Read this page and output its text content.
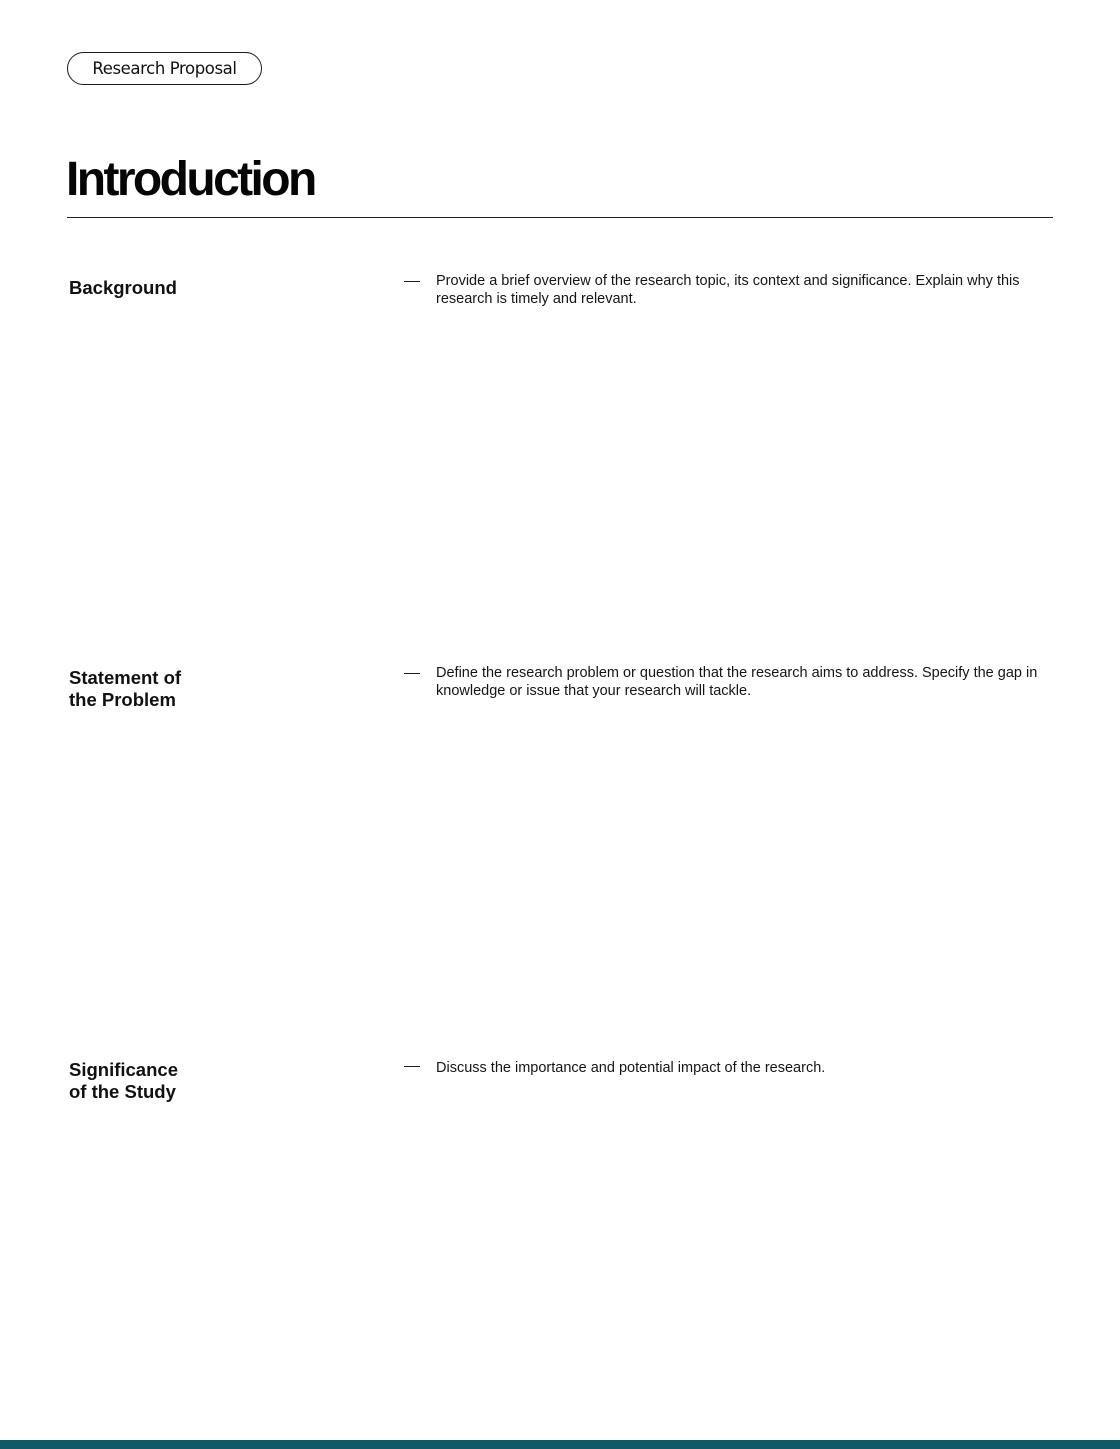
Research Proposal
Introduction
Background	Provide a brief overview of the research topic, its context and significance. Explain why this research is timely and relevant.

Statement of
the Problem

Define the research problem or question that the research aims to address. Specify the gap in knowledge or issue that your research will tackle.

Significance
of the Study

Discuss the importance and potential impact of the research.
